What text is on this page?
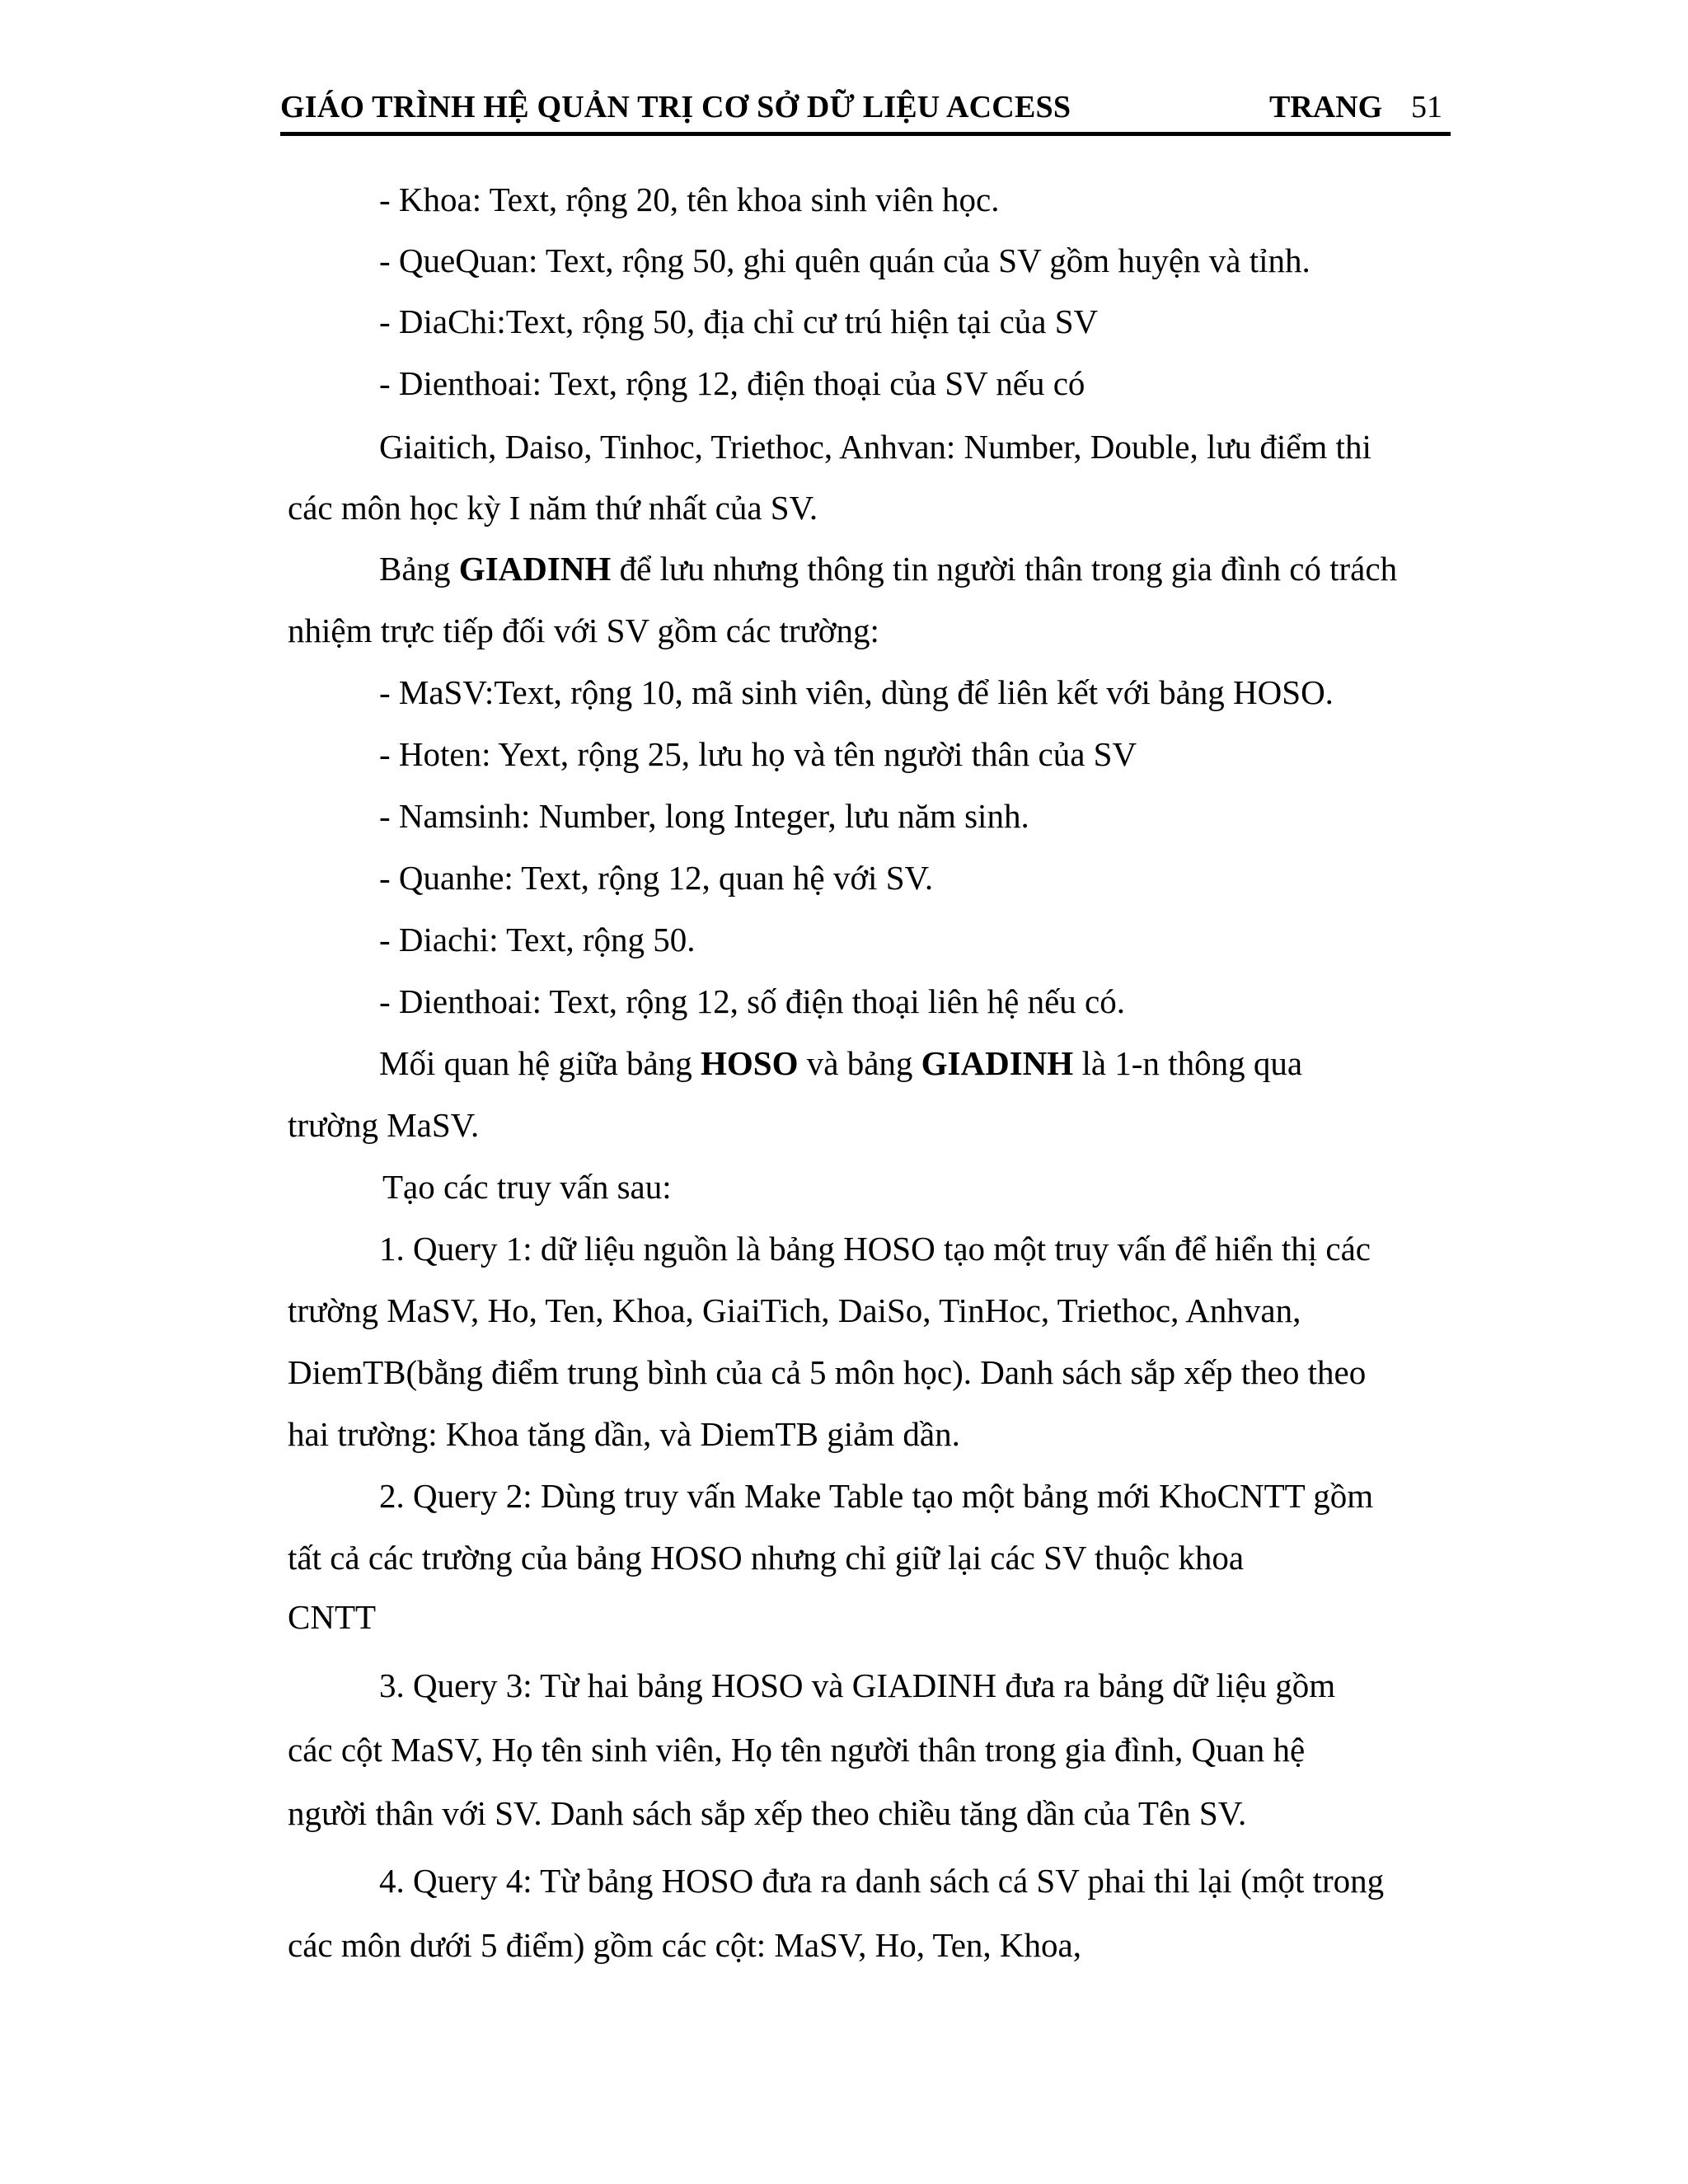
GIÁO TRÌNH HỆ QUẢN TRỊ CƠ SỞ DỮ LIỆU ACCESS	TRANG 51
- Khoa: Text, rộng 20, tên khoa sinh viên học.
- QueQuan: Text, rộng 50, ghi quên quán của SV gồm huyện và tỉnh.
- DiaChi:Text, rộng 50, địa chỉ cư trú hiện tại của SV
- Dienthoai: Text, rộng 12, điện thoại của SV nếu có
Giaitich, Daiso, Tinhoc, Triethoc, Anhvan: Number, Double, lưu điểm thi
các môn học kỳ I năm thứ nhất của SV.
Bảng GIADINH để lưu nhưng thông tin người thân trong gia đình có trách
nhiệm trực tiếp đối với SV gồm các trường:
- MaSV:Text, rộng 10, mã sinh viên, dùng để liên kết với bảng HOSO.
- Hoten: Yext, rộng 25, lưu họ và tên người thân của SV
- Namsinh: Number, long Integer, lưu năm sinh.
- Quanhe: Text, rộng 12, quan hệ với SV.
- Diachi: Text, rộng 50.
- Dienthoai: Text, rộng 12, số điện thoại liên hệ nếu có.
Mối quan hệ giữa bảng HOSO và bảng GIADINH là 1-n thông qua
trường MaSV.
Tạo các truy vấn sau:
1. Query 1: dữ liệu nguồn là bảng HOSO tạo một truy vấn để hiển thị các
trường MaSV, Ho, Ten, Khoa, GiaiTich, DaiSo, TinHoc, Triethoc, Anhvan,
DiemTB(bằng điểm trung bình của cả 5 môn học). Danh sách sắp xếp theo theo
hai trường: Khoa tăng dần, và DiemTB giảm dần.
2. Query 2: Dùng truy vấn Make Table tạo một bảng mới KhoCNTT gồm
tất cả các trường của bảng HOSO nhưng chỉ giữ lại các SV thuộc khoa
CNTT
3. Query 3: Từ hai bảng HOSO và GIADINH đưa ra bảng dữ liệu gồm
các cột MaSV, Họ tên sinh viên, Họ tên người thân trong gia đình, Quan hệ
người thân với SV. Danh sách sắp xếp theo chiều tăng dần của Tên SV.
4. Query 4: Từ bảng HOSO đưa ra danh sách cá SV phai thi lại (một trong
các môn dưới 5 điểm) gồm các cột: MaSV, Ho, Ten, Khoa,
